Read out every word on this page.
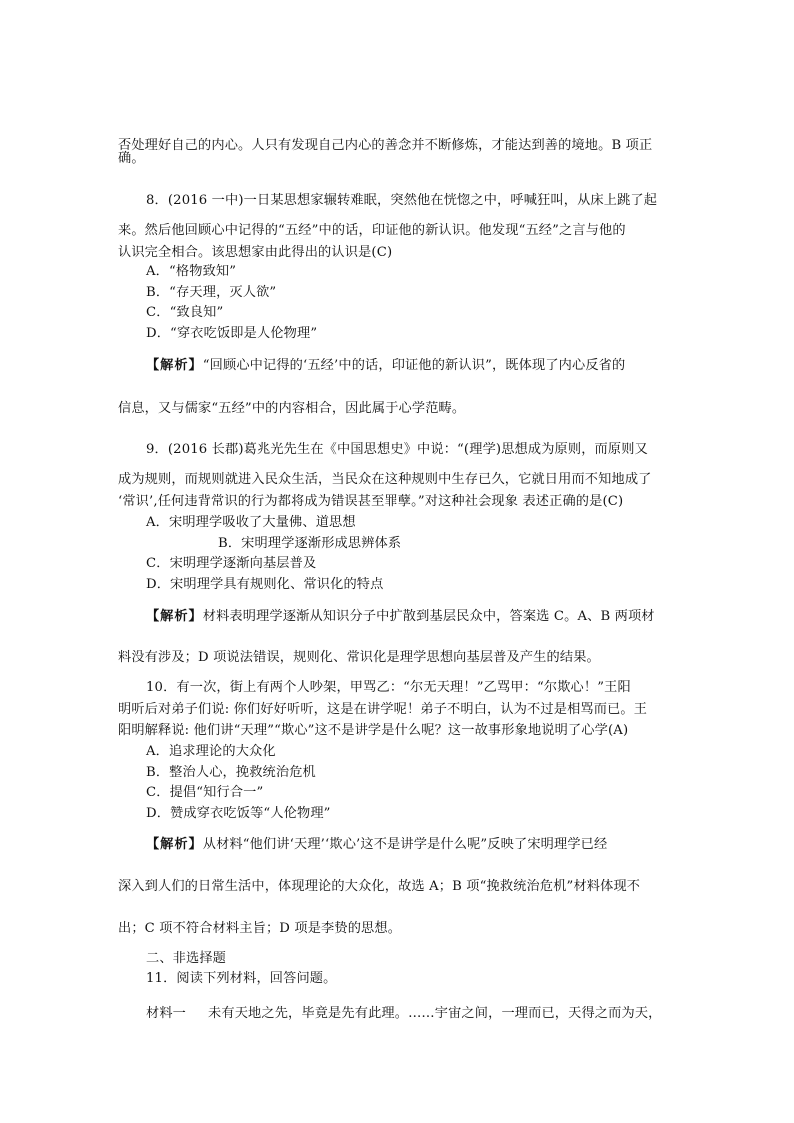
否处理好自己的内心。人只有发现自己内心的善念并不断修炼，才能达到善的境地。B 项正
确。
8．(2016 一中)一日某思想家辗转难眠，突然他在恍惚之中，呼喊狂叫，从床上跳了起
来。然后他回顾心中记得的“五经”中的话，印证他的新认识。他发现“五经”之言与他的
认识完全相合。该思想家由此得出的认识是(C)
A．“格物致知”
B．“存天理，灭人欲”
C．“致良知”
D．“穿衣吃饭即是人伦物理”
【解析】“回顾心中记得的‘五经’中的话，印证他的新认识”，既体现了内心反省的
信息，又与儒家“五经”中的内容相合，因此属于心学范畴。
9．(2016 长郡)葛兆光先生在《中国思想史》中说：“(理学)思想成为原则，而原则又
成为规则，而规则就进入民众生活，当民众在这种规则中生存已久，它就日用而不知地成了
‘常识’,任何违背常识的行为都将成为错误甚至罪孽。”对这种社会现象 表述正确的是(C)
A．宋明理学吸收了大量佛、道思想
B．宋明理学逐渐形成思辨体系
C．宋明理学逐渐向基层普及
D．宋明理学具有规则化、常识化的特点
【解析】材料表明理学逐渐从知识分子中扩散到基层民众中，答案选 C。A、B 两项材
料没有涉及；D 项说法错误，规则化、常识化是理学思想向基层普及产生的结果。
10．有一次，街上有两个人吵架，甲骂乙：“尔无天理！”乙骂甲：“尔欺心！”王阳
明听后对弟子们说: 你们好好听听，这是在讲学呢！弟子不明白，认为不过是相骂而已。王
阳明解释说: 他们讲“天理”“欺心”这不是讲学是什么呢？这一故事形象地说明了心学(A)
A．追求理论的大众化
B．整治人心，挽救统治危机
C．提倡“知行合一”
D．赞成穿衣吃饭等“人伦物理”
【解析】从材料“他们讲‘天理’‘欺心’这不是讲学是什么呢”反映了宋明理学已经
深入到人们的日常生活中，体现理论的大众化，故选 A；B 项“挽救统治危机”材料体现不
出；C 项不符合材料主旨；D 项是李贽的思想。
二、非选择题
11．阅读下列材料，回答问题。
材料一 未有天地之先，毕竟是先有此理。……宇宙之间，一理而已，天得之而为天，
